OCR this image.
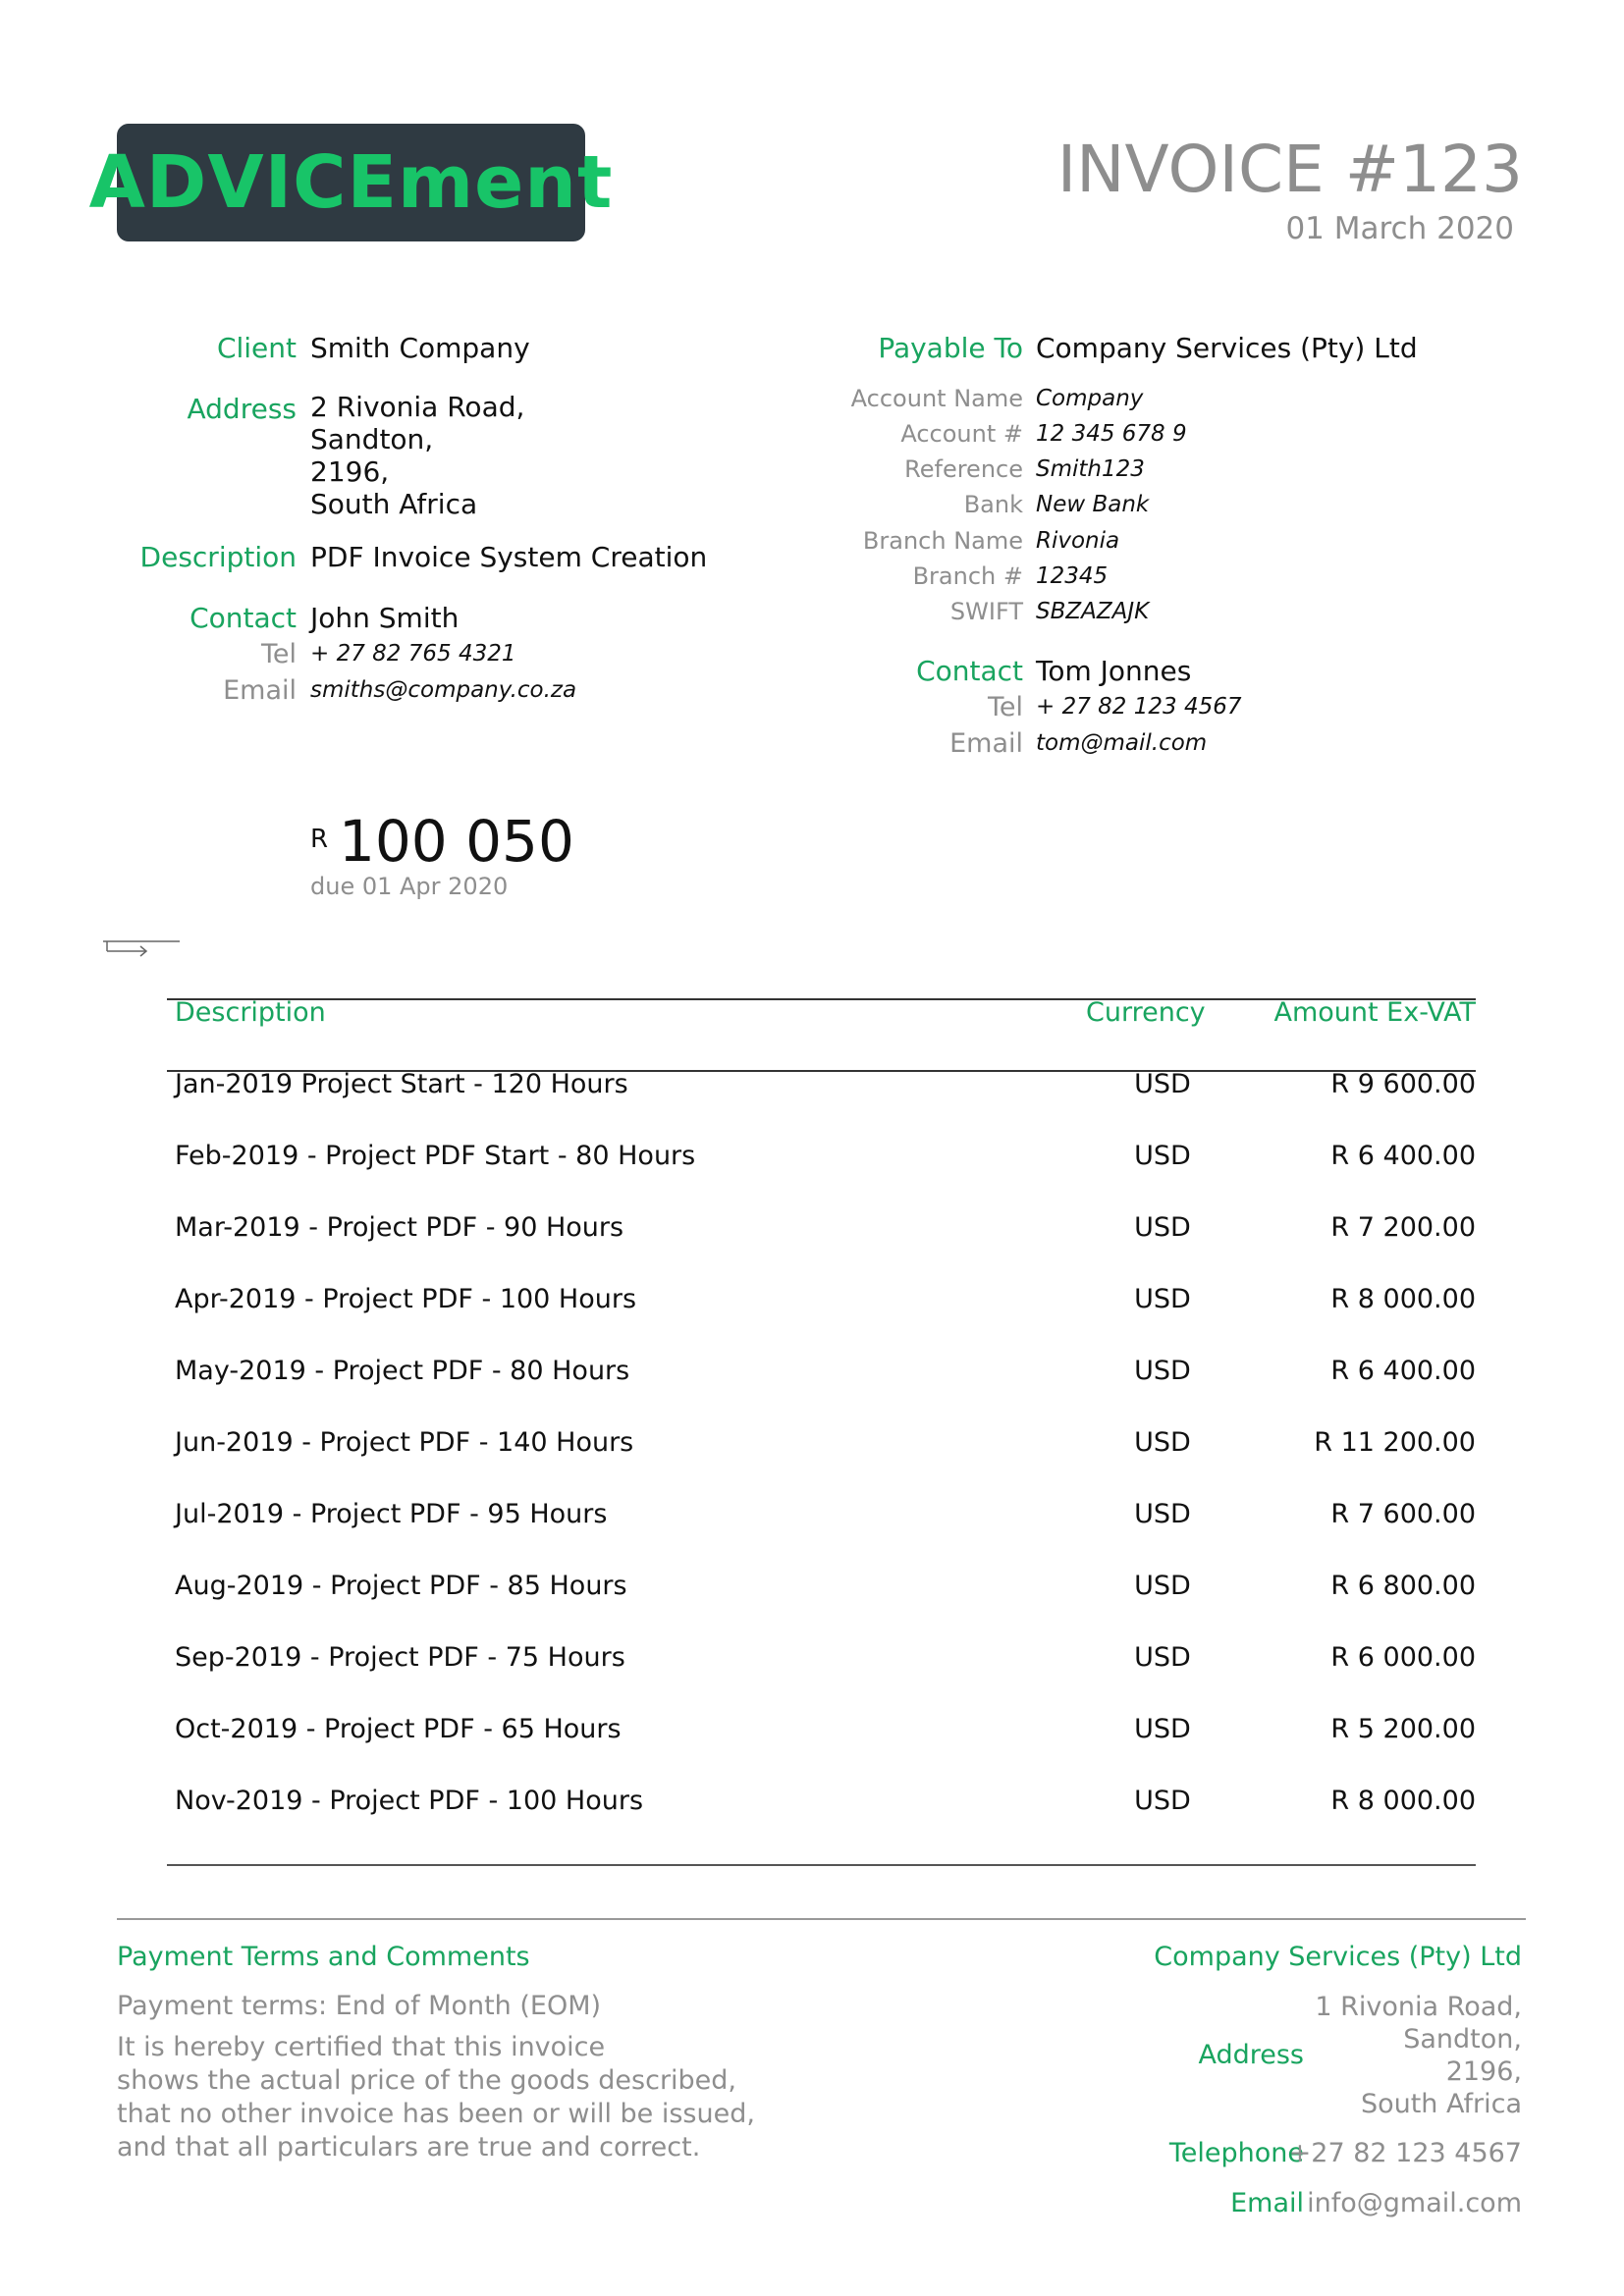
ADVICEment	INVOICE #123
01 March 2020
Client Smith Company
Address 2 Rivonia Road,
Sandton,
2196,
South Africa
Description PDF Invoice System Creation
Contact John Smith
Tel + 27 82 765 4321
Email smiths@company.co.za
Payable To Company Services (Pty) Ltd
Account Name Company
Account # 12 345 678 9
Reference Smith123
Bank New Bank
Branch Name Rivonia
Branch # 12345
SWIFT SBZAZAJK
Contact Tom Jonnes
Tel + 27 82 123 4567
Email tom@mail.com
R 100 050
due 01 Apr 2020
Description	Currency	Amount Ex-VAT
Jan-2019 Project Start - 120 Hours	USD	R 9 600.00
Feb-2019 - Project PDF Start - 80 Hours	USD	R 6 400.00
Mar-2019 - Project PDF - 90 Hours	USD	R 7 200.00
Apr-2019 - Project PDF - 100 Hours	USD	R 8 000.00
May-2019 - Project PDF - 80 Hours	USD	R 6 400.00
Jun-2019 - Project PDF - 140 Hours	USD	R 11 200.00
Jul-2019 - Project PDF - 95 Hours	USD	R 7 600.00
Aug-2019 - Project PDF - 85 Hours	USD	R 6 800.00
Sep-2019 - Project PDF - 75 Hours	USD	R 6 000.00
Oct-2019 - Project PDF - 65 Hours	USD	R 5 200.00
Nov-2019 - Project PDF - 100 Hours	USD	R 8 000.00
Payment Terms and Comments
Payment terms: End of Month (EOM)
It is hereby certified that this invoice
shows the actual price of the goods described,
that no other invoice has been or will be issued,
and that all particulars are true and correct.
Company Services (Pty) Ltd
Address
1 Rivonia Road,
Sandton,
2196,
South Africa
Telephone
+27 82 123 4567
Email info@gmail.com
